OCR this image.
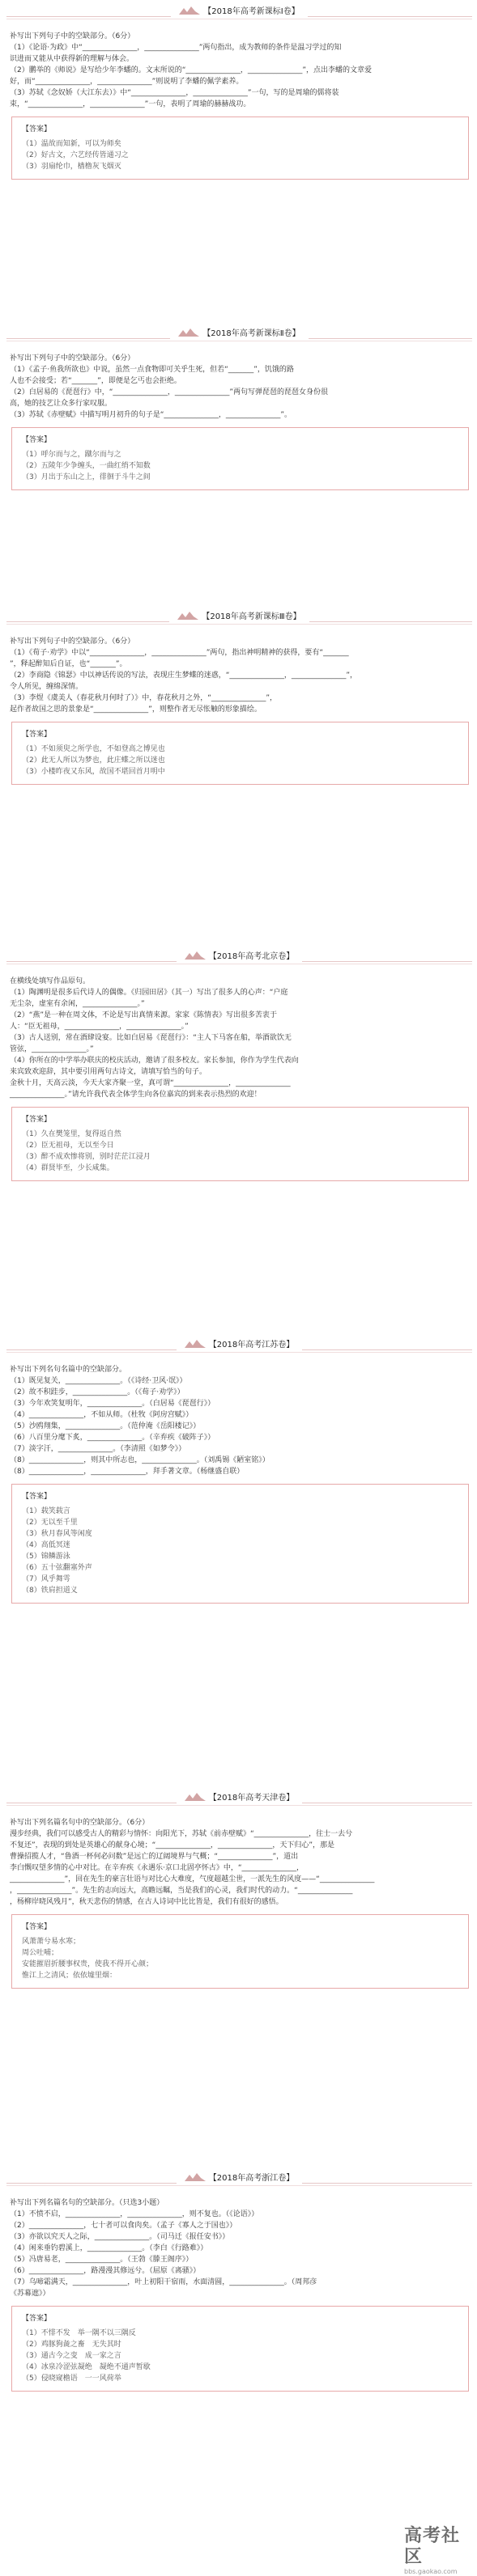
【2018年高考新课标Ⅰ卷】
补写出下列句子中的空缺部分。（6分）
（1）《论语·为政》中“_______________，_______________”两句指出，成为教师的条件是温习学过的知
识进而又能从中获得新的理解与体会。
（2）鹏举的《师说》是写给少年李蟠的。文末所说的“_______________，_______________”，点出李蟠的文章爱
好，而“_______________，_______________”则说明了李蟠的佩学素养。
（3）苏轼《念奴娇（大江东去）》中“_______________，_______________”一句，写的是周瑜的儒将装
束，“_______________，_______________”一句，表明了周瑜的赫赫战功。
【答案】
（1）温故而知新，可以为师矣
（2）好古文，六艺经传皆通习之
（3）羽扇纶巾，樯橹灰飞烟灭
【2018年高考新课标Ⅱ卷】
补写出下列句子中的空缺部分。（6分）
（1）《孟子·鱼我所欲也》中说，虽然一点食物即可关乎生死，但若“_______”，饥饿的路
人也不会接受；若“_______”，即便是乞丐也会拒绝。
（2）白居易的《琵琶行》中，“_______________，_______________”两句写弹琵琶的琵琶女身份很
高，她的技艺让众多行家叹服。
（3）苏轼《赤壁赋》中描写明月初升的句子是“_______________，_______________”。
【答案】
（1）呼尔而与之，蹴尔而与之
（2）五陵年少争缠头，一曲红绡不知数
（3）月出于东山之上，徘徊于斗牛之间
【2018年高考新课标Ⅲ卷】
补写出下列句子中的空缺部分。（6分）
（1）《荀子·劝学》中以“_______________，_______________”两句，指出神明精神的获得，要有“_______
”，释起醉知后自证，也“_______”。
（2）李商隐《锦瑟》中以神话传说的写法，表现庄生梦蝶的迷惑，“_______________，_______________”，
令人所见，缠绵深情。
（3）李煜《虞美人（春花秋月何时了）》中，春花秋月之外，“_______________”，
起作者故国之思的景象是“_______________”，则整作者无尽怅触的形象描绘。
【答案】
（1）不如须臾之所学也，不如登高之博见也
（2）此无人所以为梦也，此庄蝶之所以迷也
（3）小楼昨夜又东风，故国不堪回首月明中
【2018年高考北京卷】
在横线处填写作品原句。
（1）陶渊明是很多后代诗人的偶像。《归园田居》（其一）写出了很多人的心声：“户庭
无尘杂，虚室有余闲，_______________。”
（2）“燕”是一种在周文体，不论是写出真情来源。家家《陈情表》写出很多苦衷于
人：“臣无祖母，_______________，_______________。”
（3）古人送别，常在酒肆设宴。比如白居易《琵琶行》：“主人下马客在船，举酒欲饮无
管弦，_______________。”
（4）你所在的中学举办联庆的校庆活动，邀请了很多校友。家长参加，你作为学生代表向
来宾致欢迎辞，其中要引用两句古诗文，请填写恰当的句子。
金秋十月，天高云淡，今天大家齐聚一堂，真可谓“_______________，_______________
_______________。”请允许我代表全体学生向各位嘉宾的到来表示热烈的欢迎！
【答案】
（1）久在樊笼里，复得返自然
（2）臣无祖母，无以至今日
（3）醉不成欢惨将别，别时茫茫江浸月
（4）群贤毕至，少长咸集。
【2018年高考江苏卷】
补写出下列名句名篇中的空缺部分。
（1）既见复关，_______________。（《诗经·卫风·氓》）
（2）故不积跬步，_______________。（《荀子·劝学》）
（3）今年欢笑复明年，_______________。（白居易《琵琶行》）
（4）_______________，不如从师。（杜牧《阿房宫赋》）
（5）沙鸥翔集，_______________。（范仲淹《岳阳楼记》）
（6）八百里分麾下炙，_______________。（辛弃疾《破阵子》）
（7）淡字汗，_______________。（李清照《如梦令》）
（8）_______________，则其中所志也，_______________。（刘禹锡《陋室铭》）
（8）_______________，_______________，拜手著文章。（杨继盛自联）
【答案】
（1）载笑载言
（2）无以至千里
（3）秋月春风等闲度
（4）高低冥迷
（5）锦鳞游泳
（6）五十弦翻塞外声
（7）风乎舞雩
（8）铁肩担道义
【2018年高考天津卷】
补写出下列名篇名句中的空缺部分。（6分）
漫步经典，我们可以感受古人的精彩与情怀：向阳光下，苏轼《前赤壁赋》“_______________，往士一去兮
不复还”，表现的到处是英雄心的献身心境；“_______________，_______________，天下归心”，那是
曹操招揽人才，“鲁酒一杯何必问数”是远亡的辽阔境界与气概；“_______________”，道出
李白慨叹望多情的心中对比。在辛弃疾《永遇乐·京口北固亭怀古》中，“_______________，
_______________”，回在先生的豪言壮语与对比心大难度，气度超越尘世，一派先生的风度——“_______________
，_______________”。先生的志向远大，高瞻远瞩，当是我们的心灵，我们时代的动力。“_______________
，杨柳岸晓风残月”，秋天悲伤的情感，在古人诗词中比比皆是，我们有很好的感悟。
【答案】
风萧萧兮易水寒；
周公吐哺；
安能摧眉折腰事权贵，使我不得开心颜；
惟江上之清风；依依墟里烟：
【2018年高考浙江卷】
补写出下列名篇名句的空缺部分。（只选3小题）
（1）不愤不启，_______________，_______________，则不复也。（《论语》）
（2）_______________，七十者可以食肉矣。（孟子《寡人之于国也》）
（3）亦欲以究天人之际，_______________。（司马迁《报任安书》）
（4）闲来垂钓碧溪上，_______________。（李白《行路难》）
（5）冯唐易老，_______________。（王勃《滕王阁序》）
（6）_______________，路漫漫其修远兮。（屈原《离骚》）
（7）乌啼霜满天，_______________，叶上初阳干宿雨，水面清圆，_______________。（周邦彦
《苏幕遮》）
【答案】
（1）不悱不发　举一隅不以三隅反
（2）鸡豚狗彘之畜　无失其时
（3）通古今之变　成一家之言
（4）冰泉冷涩弦凝绝　凝绝不通声暂歇
（5）侵晓窥檐语　一一风荷举
高考社区
bbs.gaokao.com
